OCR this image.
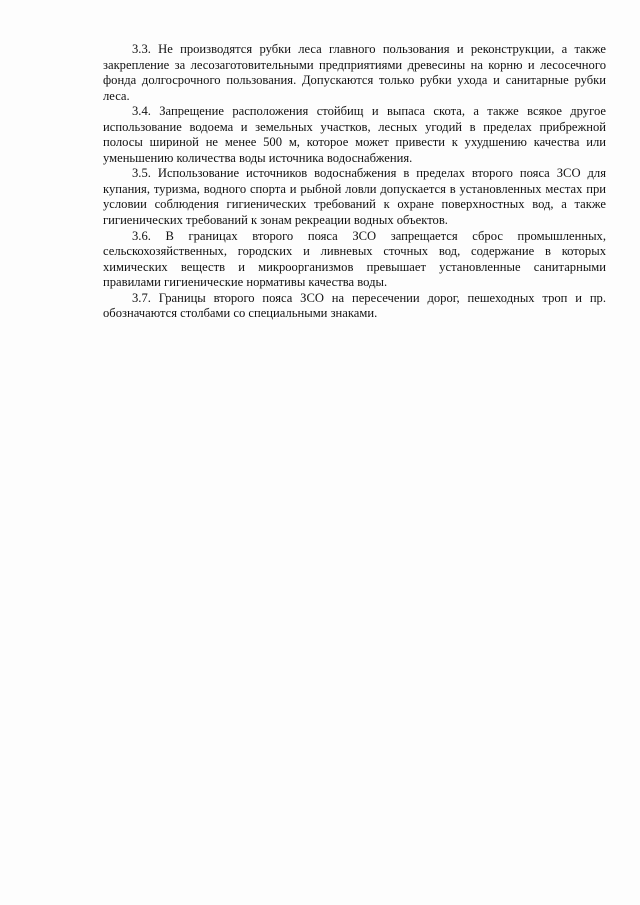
3.3. Не производятся рубки леса главного пользования и реконструкции, а также закрепление за лесозаготовительными предприятиями древесины на корню и лесосечного фонда долгосрочного пользования. Допускаются только рубки ухода и санитарные рубки леса.

3.4. Запрещение расположения стойбищ и выпаса скота, а также всякое другое использование водоема и земельных участков, лесных угодий в пределах прибрежной полосы шириной не менее 500 м, которое может привести к ухудшению качества или уменьшению количества воды источника водоснабжения.

3.5. Использование источников водоснабжения в пределах второго пояса ЗСО для купания, туризма, водного спорта и рыбной ловли допускается в установленных местах при условии соблюдения гигиенических требований к охране поверхностных вод, а также гигиенических требований к зонам рекреации водных объектов.

3.6. В границах второго пояса ЗСО запрещается сброс промышленных, сельскохозяйственных, городских и ливневых сточных вод, содержание в которых химических веществ и микроорганизмов превышает установленные санитарными правилами гигиенические нормативы качества воды.

3.7. Границы второго пояса ЗСО на пересечении дорог, пешеходных троп и пр. обозначаются столбами со специальными знаками.
